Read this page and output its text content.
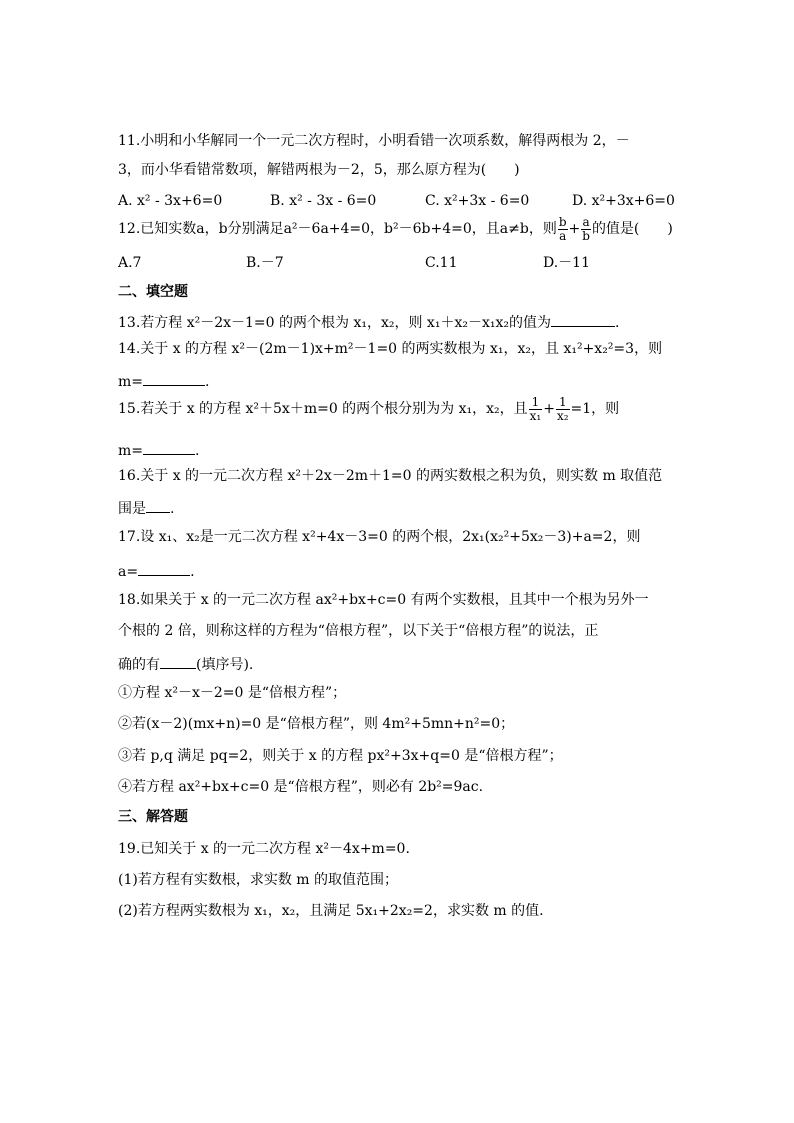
11.小明和小华解同一个一元二次方程时，小明看错一次项系数，解得两根为 2，－
3，而小华看错常数项，解错两根为－2，5，那么原方程为(　　)
A. x² - 3x+6=0	B. x² - 3x - 6=0	C. x²+3x - 6=0	D. x²+3x+6=0
12.已知实数a，b分别满足a²－6a+4=0，b²－6b+4=0，且a≠b，则 $\frac{b}{a} + \frac{a}{b}$ 的值是(　　)
A.7	B.－7	C.11	D.－11
二、填空题
13.若方程 x²－2x－1=0 的两个根为 x₁，x₂，则 x₁＋x₂－x₁x₂的值为	.
14.关于 x 的方程 x²－(2m－1)x+m²－1=0 的两实数根为 x₁，x₂，且 x₁²+x₂²=3，则
m=	.
15.若关于 x 的方程 x²＋5x＋m=0 的两个根分别为为 x₁，x₂，且 $\frac{1}{\text{x₁}} + \frac{1}{\text{x₂}} =1$，则
m=	.
16.关于 x 的一元二次方程 x²＋2x－2m＋1=0 的两实数根之积为负，则实数 m 取值范
围是 .
17.设 x₁、x₂是一元二次方程 x²+4x－3=0 的两个根，2x₁(x₂²+5x₂－3)+a=2，则
a=	.
18.如果关于 x 的一元二次方程 ax²+bx+c=0 有两个实数根，且其中一个根为另外一
个根的 2 倍，则称这样的方程为“倍根方程”，以下关于“倍根方程”的说法，正
确的有	(填序号).
①方程 x²－x－2=0 是“倍根方程”；
②若(x－2)(mx+n)=0 是“倍根方程”，则 4m²+5mn+n²=0；
③若 p,q 满足 pq=2，则关于 x 的方程 px²+3x+q=0 是“倍根方程”；
④若方程 ax²+bx+c=0 是“倍根方程”，则必有 2b²=9ac.
三、解答题
19.已知关于 x 的一元二次方程 x²－4x+m=0.
(1)若方程有实数根，求实数 m 的取值范围；
(2)若方程两实数根为 x₁，x₂，且满足 5x₁+2x₂=2，求实数 m 的值.
